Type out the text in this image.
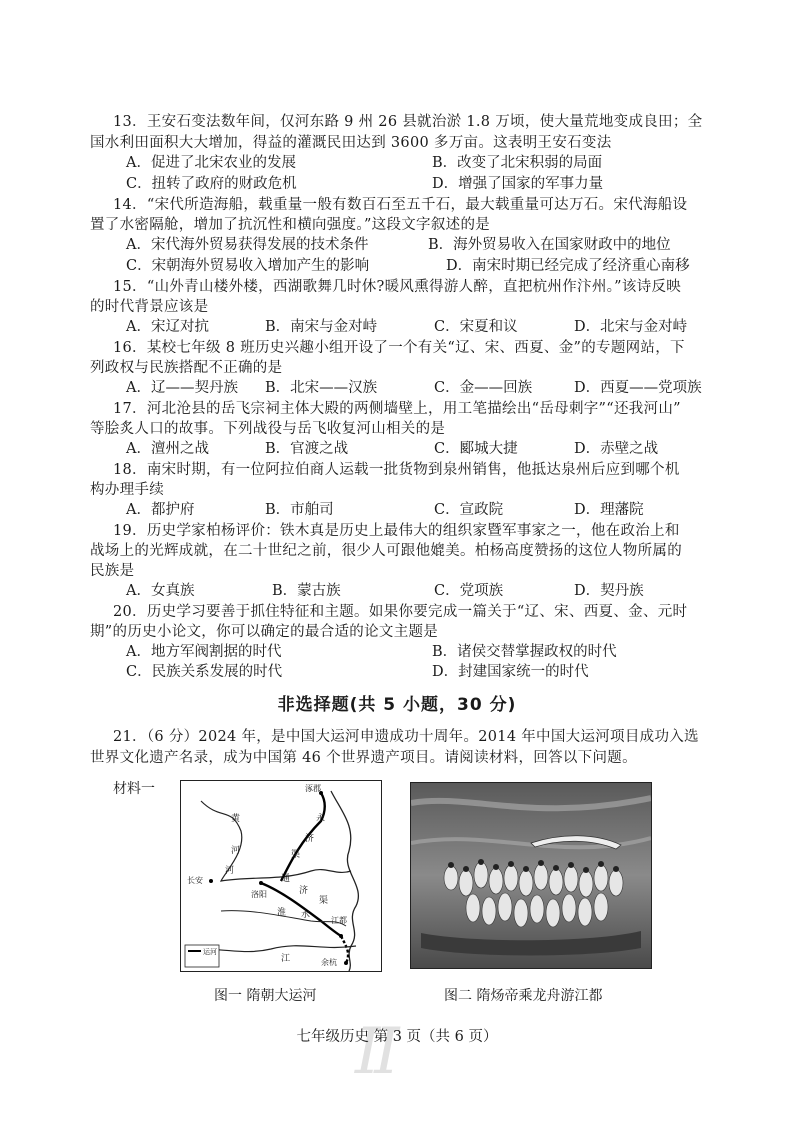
13．王安石变法数年间，仅河东路 9 州 26 县就治淤 1.8 万顷，使大量荒地变成良田；全
国水利田面积大大增加，得益的灌溉民田达到 3600 多万亩。这表明王安石变法
A．促进了北宋农业的发展	B．改变了北宋积弱的局面
C．扭转了政府的财政危机	D．增强了国家的军事力量
14．“宋代所造海船，载重量一般有数百石至五千石，最大载重量可达万石。宋代海船设
置了水密隔舱，增加了抗沉性和横向强度。”这段文字叙述的是
A．宋代海外贸易获得发展的技术条件	B．海外贸易收入在国家财政中的地位
C．宋朝海外贸易收入增加产生的影响	D．南宋时期已经完成了经济重心南移
15．“山外青山楼外楼，西湖歌舞几时休?暖风熏得游人醉，直把杭州作汴州。”该诗反映
的时代背景应该是
A．宋辽对抗	B．南宋与金对峙	C．宋夏和议	D．北宋与金对峙
16．某校七年级 8 班历史兴趣小组开设了一个有关“辽、宋、西夏、金”的专题网站，下
列政权与民族搭配不正确的是
A．辽——契丹族 B．北宋——汉族	C．金——回族	D．西夏——党项族
17．河北沧县的岳飞宗祠主体大殿的两侧墙壁上，用工笔描绘出“岳母刺字”“还我河山”
等脍炙人口的故事。下列战役与岳飞收复河山相关的是
A．澶州之战	B．官渡之战	C．郾城大捷	D．赤壁之战
18．南宋时期，有一位阿拉伯商人运载一批货物到泉州销售，他抵达泉州后应到哪个机
构办理手续
A．都护府	B．市舶司	C．宣政院	D．理藩院
19．历史学家柏杨评价：铁木真是历史上最伟大的组织家暨军事家之一，他在政治上和
战场上的光辉成就，在二十世纪之前，很少人可跟他媲美。柏杨高度赞扬的这位人物所属的
民族是
A．女真族	B．蒙古族	C．党项族	D．契丹族
20．历史学习要善于抓住特征和主题。如果你要完成一篇关于“辽、宋、西夏、金、元时
期”的历史小论文，你可以确定的最合适的论文主题是
A．地方军阀割据的时代	B．诸侯交替掌握政权的时代
C．民族关系发展的时代	D．封建国家统一的时代
非选择题(共 5 小题，30 分)
21．（6 分）2024 年，是中国大运河申遗成功十周年。2014 年中国大运河项目成功入选
世界文化遗产名录，成为中国第 46 个世界遗产项目。请阅读材料，回答以下问题。
材料一	涿郡
黄	永
济
河	渠
河
通
济
渠
长安
洛阳
淮 水
江都
江	余杭
运河
图一 隋朝大运河	图二 隋炀帝乘龙舟游江都
II
七年级历史 第 3 页（共 6 页）
